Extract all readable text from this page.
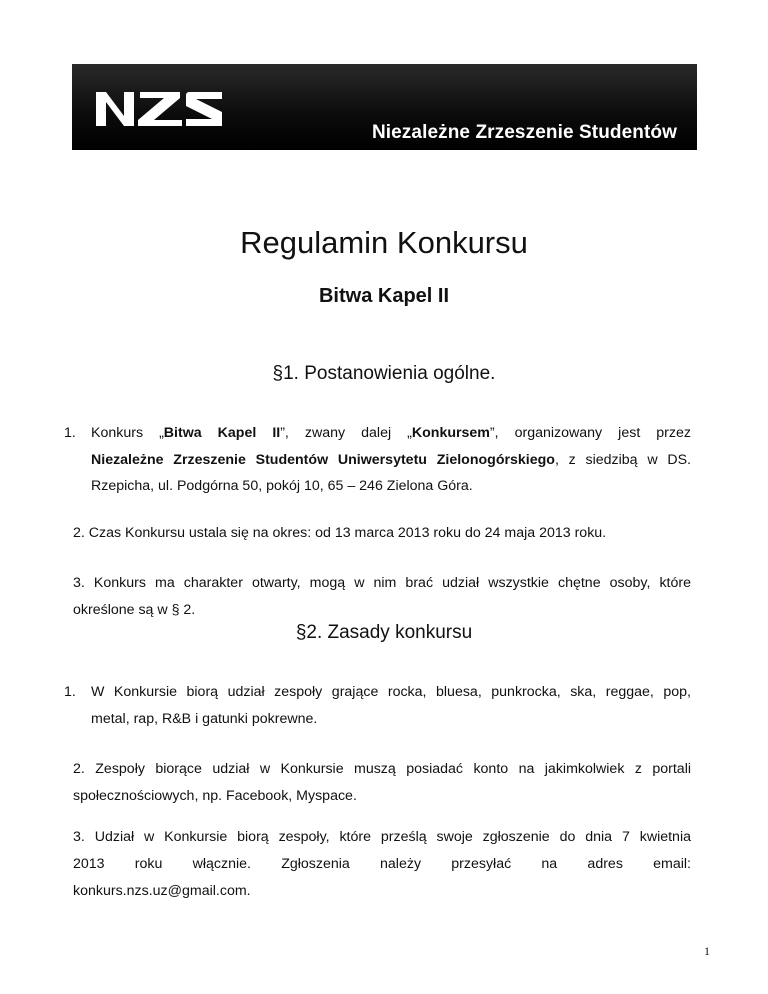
Niezależne Zrzeszenie Studentów
Regulamin Konkursu
Bitwa Kapel II
§1. Postanowienia ogólne.
1. Konkurs „Bitwa Kapel II”, zwany dalej „Konkursem”, organizowany jest przez
Niezależne Zrzeszenie Studentów Uniwersytetu Zielonogórskiego, z siedzibą w DS.
Rzepicha, ul. Podgórna 50, pokój 10, 65 – 246 Zielona Góra.
2. Czas Konkursu ustala się na okres: od 13 marca 2013 roku do 24 maja 2013 roku.
3. Konkurs ma charakter otwarty, mogą w nim brać udział wszystkie chętne osoby, które
określone są w § 2.
§2. Zasady konkursu
1. W Konkursie biorą udział zespoły grające rocka, bluesa, punkrocka, ska, reggae, pop,
metal, rap, R&B i gatunki pokrewne.
2. Zespoły biorące udział w Konkursie muszą posiadać konto na jakimkolwiek z portali
społecznościowych, np. Facebook, Myspace.
3. Udział w Konkursie biorą zespoły, które prześlą swoje zgłoszenie do dnia 7 kwietnia
2013 roku włącznie. Zgłoszenia należy przesyłać na adres email:
konkurs.nzs.uz@gmail.com.
1
